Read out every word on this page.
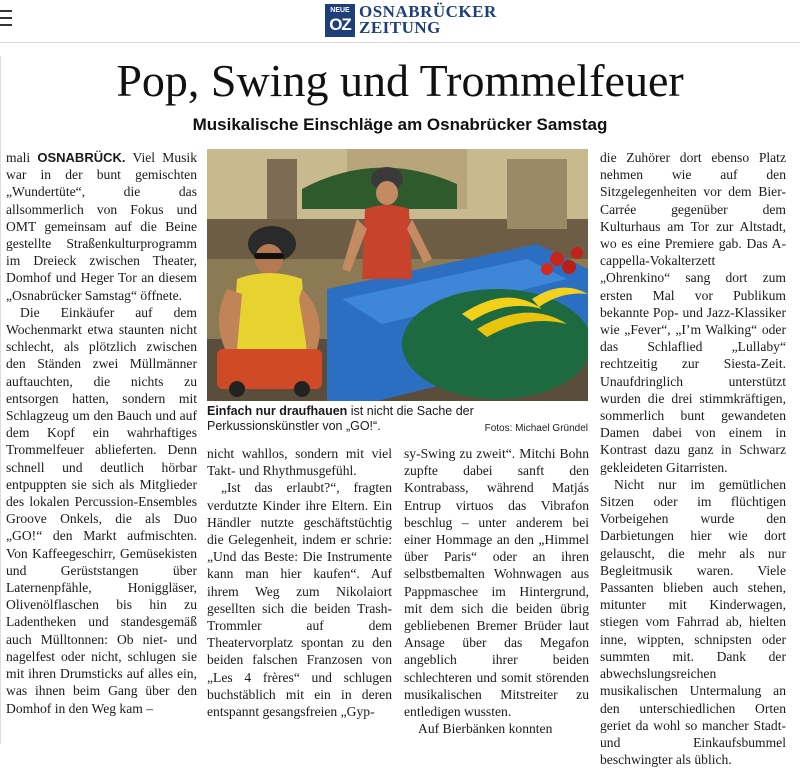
NEUE
OZ
OSNABRÜCKER
ZEITUNG
Pop, Swing und Trommelfeuer
Musikalische Einschläge am Osnabrücker Samstag

mali OSNABRÜCK. Viel Musik war in der bunt gemischten „Wundertüte“, die das allsommerlich von Fokus und OMT gemeinsam auf die Beine gestellte Straßenkulturprogramm im Dreieck zwischen Theater, Domhof und Heger Tor an diesem „Osnabrücker Samstag“ öffnete.

Die Einkäufer auf dem Wochenmarkt etwa staunten nicht schlecht, als plötzlich zwischen den Ständen zwei Müllmänner auftauchten, die nichts zu entsorgen hatten, sondern mit Schlagzeug um den Bauch und auf dem Kopf ein wahrhaftiges Trommelfeuer ablieferten. Denn schnell und deutlich hörbar entpuppten sie sich als Mitglieder des lokalen Percussion-Ensembles Groove Onkels, die als Duo „GO!“ den Markt aufmischten. Von Kaffeegeschirr, Gemüsekisten und Gerüststangen über Laternenpfähle, Honiggläser, Olivenölflaschen bis hin zu Ladentheken und standesgemäß auch Mülltonnen: Ob niet- und nagelfest oder nicht, schlugen sie mit ihren Drumsticks auf alles ein, was ihnen beim Gang über den Domhof in den Weg kam –

Einfach nur draufhauen ist nicht die Sache der Perkussionskünstler von „GO!“.	Fotos: Michael Gründel

nicht wahllos, sondern mit viel Takt- und Rhythmusgefühl.

„Ist das erlaubt?“, fragten verdutzte Kinder ihre Eltern. Ein Händler nutzte geschäftstüchtig die Gelegenheit, indem er schrie: „Und das Beste: Die Instrumente kann man hier kaufen“. Auf ihrem Weg zum Nikolaiort gesellten sich die beiden Trash-Trommler auf dem Theatervorplatz spontan zu den beiden falschen Franzosen von „Les 4 frères“ und schlugen buchstäblich mit ein in deren entspannt gesangsfreien „Gyp-

sy-Swing zu zweit“. Mitchi Bohn zupfte dabei sanft den Kontrabass, während Matjás Entrup virtuos das Vibrafon beschlug – unter anderem bei einer Hommage an den „Himmel über Paris“ oder an ihren selbstbemalten Wohnwagen aus Pappmaschee im Hintergrund, mit dem sich die beiden übrig gebliebenen Bremer Brüder laut Ansage über das Megafon angeblich ihrer beiden schlechteren und somit störenden musikalischen Mitstreiter zu entledigen wussten.

Auf Bierbänken konnten

die Zuhörer dort ebenso Platz nehmen wie auf den Sitzgelegenheiten vor dem Bier-Carrée gegenüber dem Kulturhaus am Tor zur Altstadt, wo es eine Premiere gab. Das A-cappella-Vokalterzett „Ohrenkino“ sang dort zum ersten Mal vor Publikum bekannte Pop- und Jazz-Klassiker wie „Fever“, „I’m Walking“ oder das Schlaflied „Lullaby“ rechtzeitig zur Siesta-Zeit. Unaufdringlich unterstützt wurden die drei stimmkräftigen, sommerlich bunt gewandeten Damen dabei von einem in Kontrast dazu ganz in Schwarz gekleideten Gitarristen.

Nicht nur im gemütlichen Sitzen oder im flüchtigen Vorbeigehen wurde den Darbietungen hier wie dort gelauscht, die mehr als nur Begleitmusik waren. Viele Passanten blieben auch stehen, mitunter mit Kinderwagen, stiegen vom Fahrrad ab, hielten inne, wippten, schnipsten oder summten mit. Dank der abwechslungsreichen musikalischen Untermalung an den unterschiedlichen Orten geriet da wohl so mancher Stadt- und Einkaufsbummel beschwingter als üblich.
